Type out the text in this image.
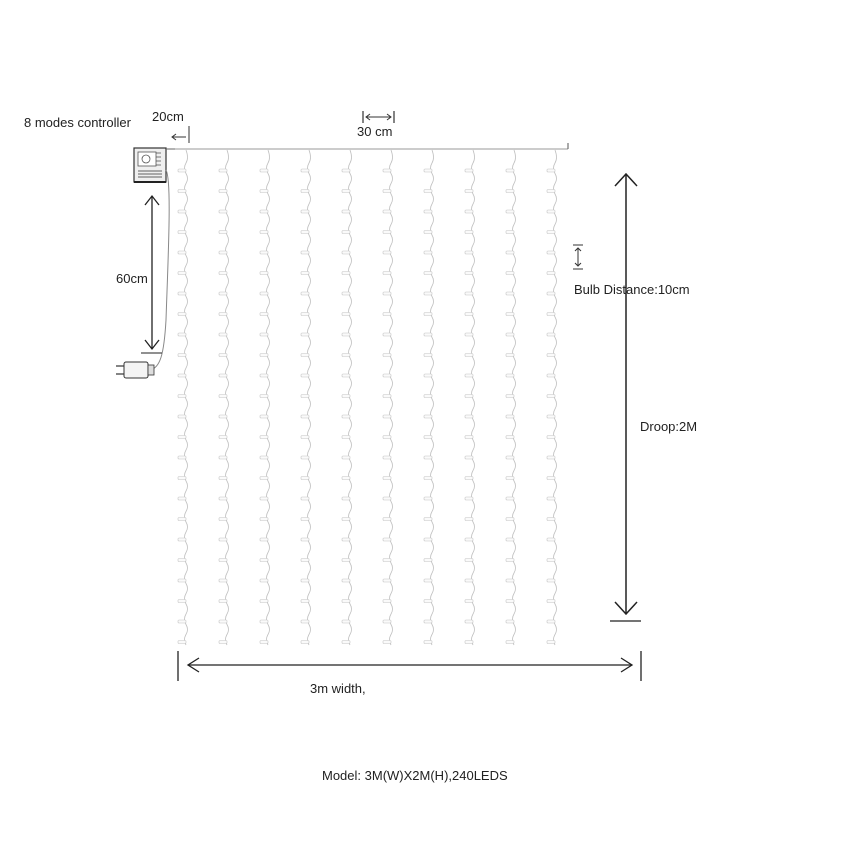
8 modes controller 20cm
30 cm
60cm
Bulb Distance:10cm
Droop:2M
3m width,
Model: 3M(W)X2M(H),240LEDS
